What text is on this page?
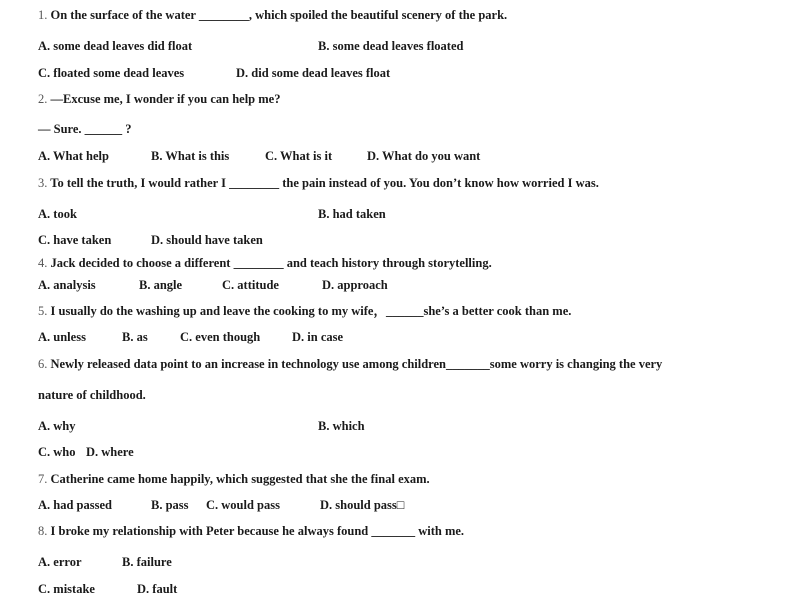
1. On the surface of the water ________, which spoiled the beautiful scenery of the park.
A. some dead leaves did float	B. some dead leaves floated
C. floated some dead leaves	D. did some dead leaves float
2. —Excuse me, I wonder if you can help me?
— Sure. ______ ?
A. What help	B. What is this	C. What is it	D. What do you want
3. To tell the truth, I would rather I ________ the pain instead of you. You don’t know how worried I was.
A. took	B. had taken
C. have taken	D. should have taken
4. Jack decided to choose a different ________ and teach history through storytelling.
A. analysis	B. angle	C. attitude	D. approach
5. I usually do the washing up and leave the cooking to my wife，______she’s a better cook than me.
A. unless	B. as	C. even though	D. in case
6. Newly released data point to an increase in technology use among children_______some worry is changing the very
nature of childhood.
A. why	B. which
C. who D. where
7. Catherine came home happily, which suggested that she the final exam.
A. had passed	B. pass C. would pass	D. should pass□
8. I broke my relationship with Peter because he always found _______ with me.
A. error	B. failure
C. mistake	D. fault
